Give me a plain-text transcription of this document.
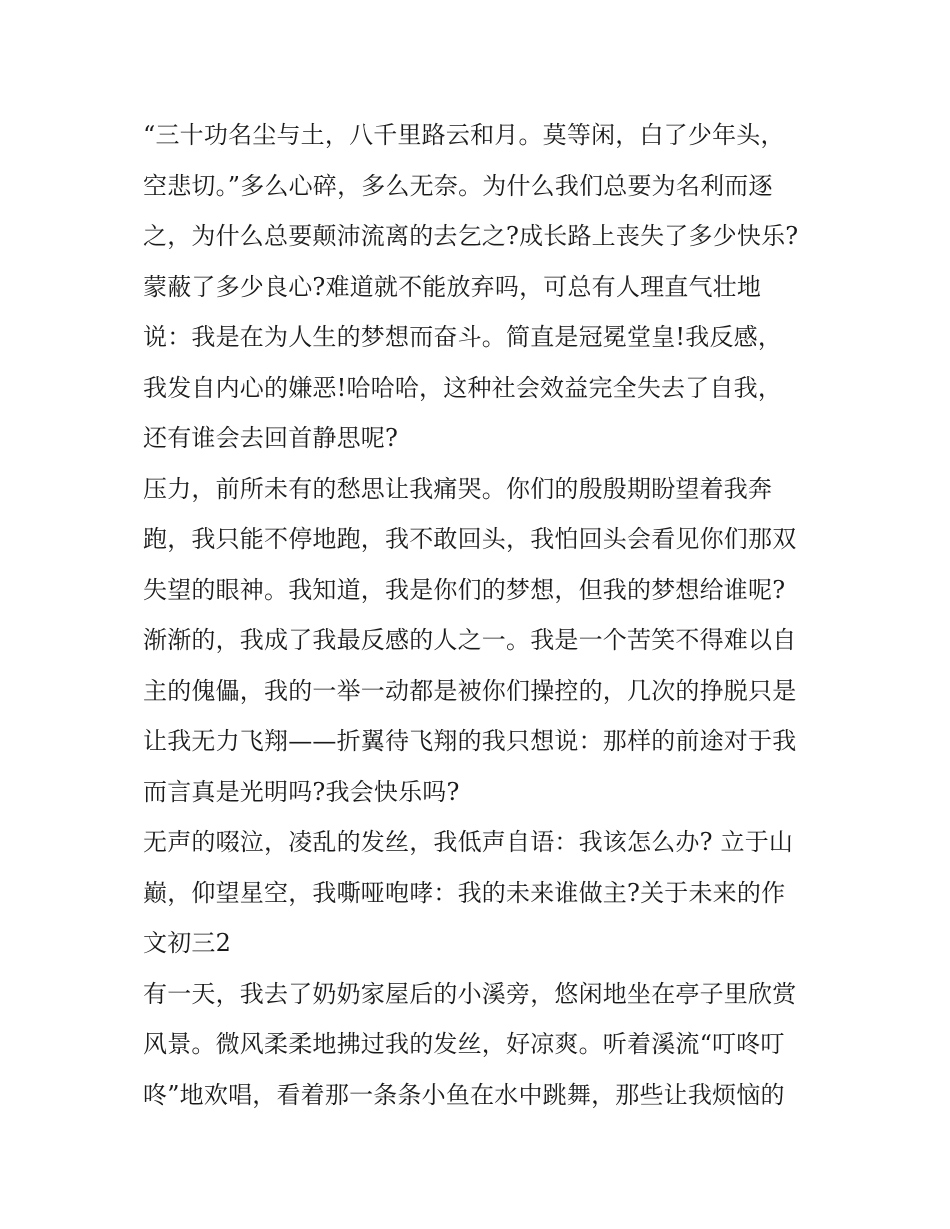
“三十功名尘与土，八千里路云和月。莫等闲，白了少年头，
空悲切。”多么心碎，多么无奈。为什么我们总要为名利而逐
之，为什么总要颠沛流离的去乞之?成长路上丧失了多少快乐?
蒙蔽了多少良心?难道就不能放弃吗，可总有人理直气壮地
说：我是在为人生的梦想而奋斗。简直是冠冕堂皇!我反感，
我发自内心的嫌恶!哈哈哈，这种社会效益完全失去了自我，
还有谁会去回首静思呢?
压力，前所未有的愁思让我痛哭。你们的殷殷期盼望着我奔
跑，我只能不停地跑，我不敢回头，我怕回头会看见你们那双
失望的眼神。我知道，我是你们的梦想，但我的梦想给谁呢?
渐渐的，我成了我最反感的人之一。我是一个苦笑不得难以自
主的傀儡，我的一举一动都是被你们操控的，几次的挣脱只是
让我无力飞翔——折翼待飞翔的我只想说：那样的前途对于我
而言真是光明吗?我会快乐吗?
无声的啜泣，凌乱的发丝，我低声自语：我该怎么办? 立于山
巅，仰望星空，我嘶哑咆哮：我的未来谁做主?关于未来的作
文初三2
有一天，我去了奶奶家屋后的小溪旁，悠闲地坐在亭子里欣赏
风景。微风柔柔地拂过我的发丝，好凉爽。听着溪流“叮咚叮
咚”地欢唱，看着那一条条小鱼在水中跳舞，那些让我烦恼的
